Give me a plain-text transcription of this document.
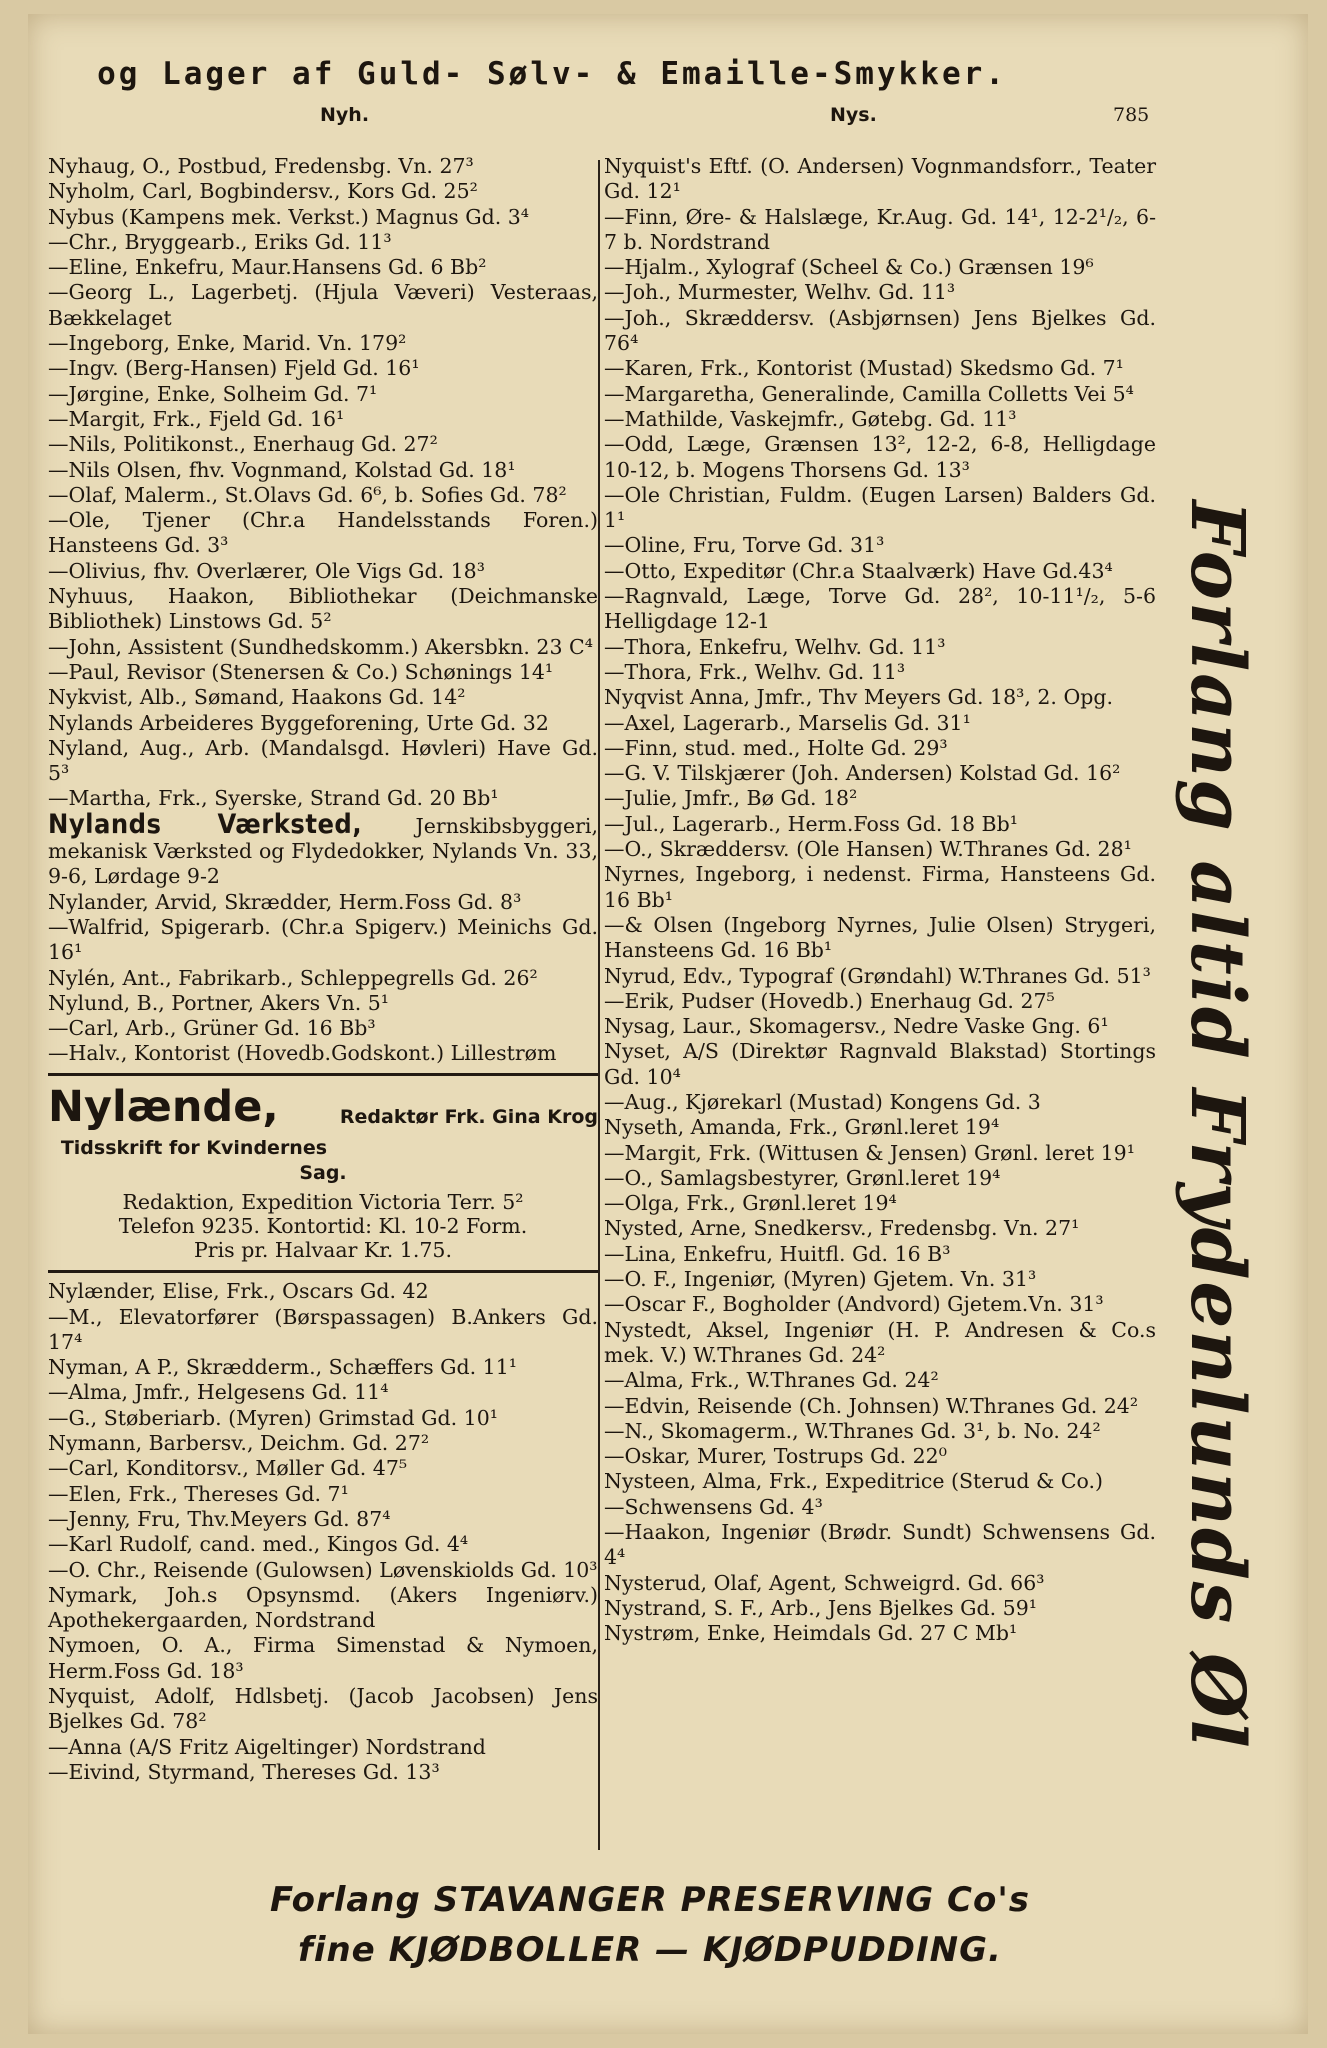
og Lager af Guld- Sølv- & Emaille-Smykker.
Nyh.	Nys.	785
Nyhaug, O., Postbud, Fredensbg. Vn. 27³
Nyholm, Carl, Bogbindersv., Kors Gd. 25²
Nybus (Kampens mek. Verkst.) Magnus Gd. 3⁴
—Chr., Bryggearb., Eriks Gd. 11³
—Eline, Enkefru, Maur.Hansens Gd. 6 Bb²
—Georg L., Lagerbetj. (Hjula Væveri) Vesteraas, Bækkelaget
—Ingeborg, Enke, Marid. Vn. 179²
—Ingv. (Berg-Hansen) Fjeld Gd. 16¹
—Jørgine, Enke, Solheim Gd. 7¹
—Margit, Frk., Fjeld Gd. 16¹
—Nils, Politikonst., Enerhaug Gd. 27²
—Nils Olsen, fhv. Vognmand, Kolstad Gd. 18¹
—Olaf, Malerm., St.Olavs Gd. 6⁶, b. Sofies Gd. 78²
—Ole, Tjener (Chr.a Handelsstands Foren.) Hansteens Gd. 3³
—Olivius, fhv. Overlærer, Ole Vigs Gd. 18³
Nyhuus, Haakon, Bibliothekar (Deichmanske Bibliothek) Linstows Gd. 5²
—John, Assistent (Sundhedskomm.) Akersbkn. 23 C⁴
—Paul, Revisor (Stenersen & Co.) Schønings 14¹
Nykvist, Alb., Sømand, Haakons Gd. 14²
Nylands Arbeideres Byggeforening, Urte Gd. 32
Nyland, Aug., Arb. (Mandalsgd. Høvleri) Have Gd. 5³
—Martha, Frk., Syerske, Strand Gd. 20 Bb¹
Nylands Værksted, Jernskibsbyggeri, mekanisk Værksted og Flydedokker, Nylands Vn. 33, 9-6, Lørdage 9-2
Nylander, Arvid, Skrædder, Herm.Foss Gd. 8³
—Walfrid, Spigerarb. (Chr.a Spigerv.) Meinichs Gd. 16¹
Nylén, Ant., Fabrikarb., Schleppegrells Gd. 26²
Nylund, B., Portner, Akers Vn. 5¹
—Carl, Arb., Grüner Gd. 16 Bb³
—Halv., Kontorist (Hovedb.Godskont.) Lillestrøm
Nylænde,	Redaktør Frk. Gina Krog
Tidsskrift for Kvindernes Sag.
Redaktion, Expedition Victoria Terr. 5²
Telefon 9235. Kontortid: Kl. 10-2 Form.
Pris pr. Halvaar Kr. 1.75.
Nylænder, Elise, Frk., Oscars Gd. 42
—M., Elevatorfører (Børspassagen) B.Ankers Gd. 17⁴
Nyman, A P., Skrædderm., Schæffers Gd. 11¹
—Alma, Jmfr., Helgesens Gd. 11⁴
—G., Støberiarb. (Myren) Grimstad Gd. 10¹
Nymann, Barbersv., Deichm. Gd. 27²
—Carl, Konditorsv., Møller Gd. 47⁵
—Elen, Frk., Thereses Gd. 7¹
—Jenny, Fru, Thv.Meyers Gd. 87⁴
—Karl Rudolf, cand. med., Kingos Gd. 4⁴
—O. Chr., Reisende (Gulowsen) Løvenskiolds Gd. 10³
Nymark, Joh.s Opsynsmd. (Akers Ingeniørv.) Apothekergaarden, Nordstrand
Nymoen, O. A., Firma Simenstad & Nymoen, Herm.Foss Gd. 18³
Nyquist, Adolf, Hdlsbetj. (Jacob Jacobsen) Jens Bjelkes Gd. 78²
—Anna (A/S Fritz Aigeltinger) Nordstrand
—Eivind, Styrmand, Thereses Gd. 13³
Nyquist's Eftf. (O. Andersen) Vognmandsforr., Teater Gd. 12¹
—Finn, Øre- & Halslæge, Kr.Aug. Gd. 14¹, 12-2¹/₂, 6-7 b. Nordstrand
—Hjalm., Xylograf (Scheel & Co.) Grænsen 19⁶
—Joh., Murmester, Welhv. Gd. 11³
—Joh., Skræddersv. (Asbjørnsen) Jens Bjelkes Gd. 76⁴
—Karen, Frk., Kontorist (Mustad) Skedsmo Gd. 7¹
—Margaretha, Generalinde, Camilla Colletts Vei 5⁴
—Mathilde, Vaskejmfr., Gøtebg. Gd. 11³
—Odd, Læge, Grænsen 13², 12-2, 6-8, Helligdage 10-12, b. Mogens Thorsens Gd. 13³
—Ole Christian, Fuldm. (Eugen Larsen) Balders Gd. 1¹
—Oline, Fru, Torve Gd. 31³
—Otto, Expeditør (Chr.a Staalværk) Have Gd.43⁴
—Ragnvald, Læge, Torve Gd. 28², 10-11¹/₂, 5-6 Helligdage 12-1
—Thora, Enkefru, Welhv. Gd. 11³
—Thora, Frk., Welhv. Gd. 11³
Nyqvist Anna, Jmfr., Thv Meyers Gd. 18³, 2. Opg.
—Axel, Lagerarb., Marselis Gd. 31¹
—Finn, stud. med., Holte Gd. 29³
—G. V. Tilskjærer (Joh. Andersen) Kolstad Gd. 16²
—Julie, Jmfr., Bø Gd. 18²
—Jul., Lagerarb., Herm.Foss Gd. 18 Bb¹
—O., Skræddersv. (Ole Hansen) W.Thranes Gd. 28¹
Nyrnes, Ingeborg, i nedenst. Firma, Hansteens Gd. 16 Bb¹
—& Olsen (Ingeborg Nyrnes, Julie Olsen) Strygeri, Hansteens Gd. 16 Bb¹
Nyrud, Edv., Typograf (Grøndahl) W.Thranes Gd. 51³
—Erik, Pudser (Hovedb.) Enerhaug Gd. 27⁵
Nysag, Laur., Skomagersv., Nedre Vaske Gng. 6¹
Nyset, A/S (Direktør Ragnvald Blakstad) Stortings Gd. 10⁴
—Aug., Kjørekarl (Mustad) Kongens Gd. 3
Nyseth, Amanda, Frk., Grønl.leret 19⁴
—Margit, Frk. (Wittusen & Jensen) Grønl. leret 19¹
—O., Samlagsbestyrer, Grønl.leret 19⁴
—Olga, Frk., Grønl.leret 19⁴
Nysted, Arne, Snedkersv., Fredensbg. Vn. 27¹
—Lina, Enkefru, Huitfl. Gd. 16 B³
—O. F., Ingeniør, (Myren) Gjetem. Vn. 31³
—Oscar F., Bogholder (Andvord) Gjetem.Vn. 31³
Nystedt, Aksel, Ingeniør (H. P. Andresen & Co.s mek. V.) W.Thranes Gd. 24²
—Alma, Frk., W.Thranes Gd. 24²
—Edvin, Reisende (Ch. Johnsen) W.Thranes Gd. 24²
—N., Skomagerm., W.Thranes Gd. 3¹, b. No. 24²
—Oskar, Murer, Tostrups Gd. 22⁰
Nysteen, Alma, Frk., Expeditrice (Sterud & Co.)
—Schwensens Gd. 4³
—Haakon, Ingeniør (Brødr. Sundt) Schwensens Gd. 4⁴
Nysterud, Olaf, Agent, Schweigrd. Gd. 66³
Nystrand, S. F., Arb., Jens Bjelkes Gd. 59¹
Nystrøm, Enke, Heimdals Gd. 27 C Mb¹	Forlang altid Frydenlunds Øl
Forlang STAVANGER PRESERVING Co's
fine KJØDBOLLER — KJØDPUDDING.
